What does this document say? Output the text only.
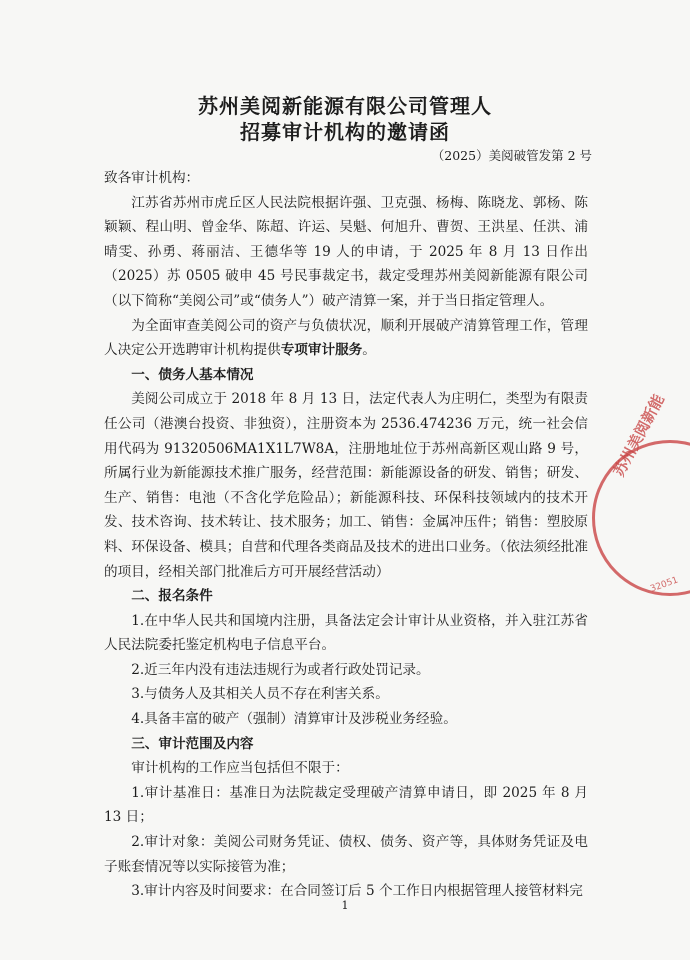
苏州美阅新能源有限公司管理人
招募审计机构的邀请函
（2025）美阅破管发第 2 号

致各审计机构：

江苏省苏州市虎丘区人民法院根据许强、卫克强、杨梅、陈晓龙、郭杨、陈颖颖、程山明、曾金华、陈超、许运、吴魁、何旭升、曹贺、王洪星、任洪、浦晴雯、孙勇、蒋丽洁、王德华等 19 人的申请，于 2025 年 8 月 13 日作出（2025）苏 0505 破申 45 号民事裁定书，裁定受理苏州美阅新能源有限公司（以下简称“美阅公司”或“债务人”）破产清算一案，并于当日指定管理人。

为全面审查美阅公司的资产与负债状况，顺利开展破产清算管理工作，管理人决定公开选聘审计机构提供专项审计服务。

一、债务人基本情况

美阅公司成立于 2018 年 8 月 13 日，法定代表人为庄明仁，类型为有限责任公司（港澳台投资、非独资），注册资本为 2536.474236 万元，统一社会信用代码为 91320506MA1X1L7W8A，注册地址位于苏州高新区观山路 9 号，所属行业为新能源技术推广服务，经营范围：新能源设备的研发、销售；研发、生产、销售：电池（不含化学危险品）；新能源科技、环保科技领域内的技术开发、技术咨询、技术转让、技术服务；加工、销售：金属冲压件；销售：塑胶原料、环保设备、模具；自营和代理各类商品及技术的进出口业务。（依法须经批准的项目，经相关部门批准后方可开展经营活动）

二、报名条件

1.在中华人民共和国境内注册，具备法定会计审计从业资格，并入驻江苏省人民法院委托鉴定机构电子信息平台。

2.近三年内没有违法违规行为或者行政处罚记录。

3.与债务人及其相关人员不存在利害关系。

4.具备丰富的破产（强制）清算审计及涉税业务经验。

三、审计范围及内容

审计机构的工作应当包括但不限于：

1.审计基准日：基准日为法院裁定受理破产清算申请日，即 2025 年 8 月 13 日；

2.审计对象：美阅公司财务凭证、债权、债务、资产等，具体财务凭证及电子账套情况等以实际接管为准；

3.审计内容及时间要求：在合同签订后 5 个工作日内根据管理人接管材料完

苏州美阅新能
32051
1
